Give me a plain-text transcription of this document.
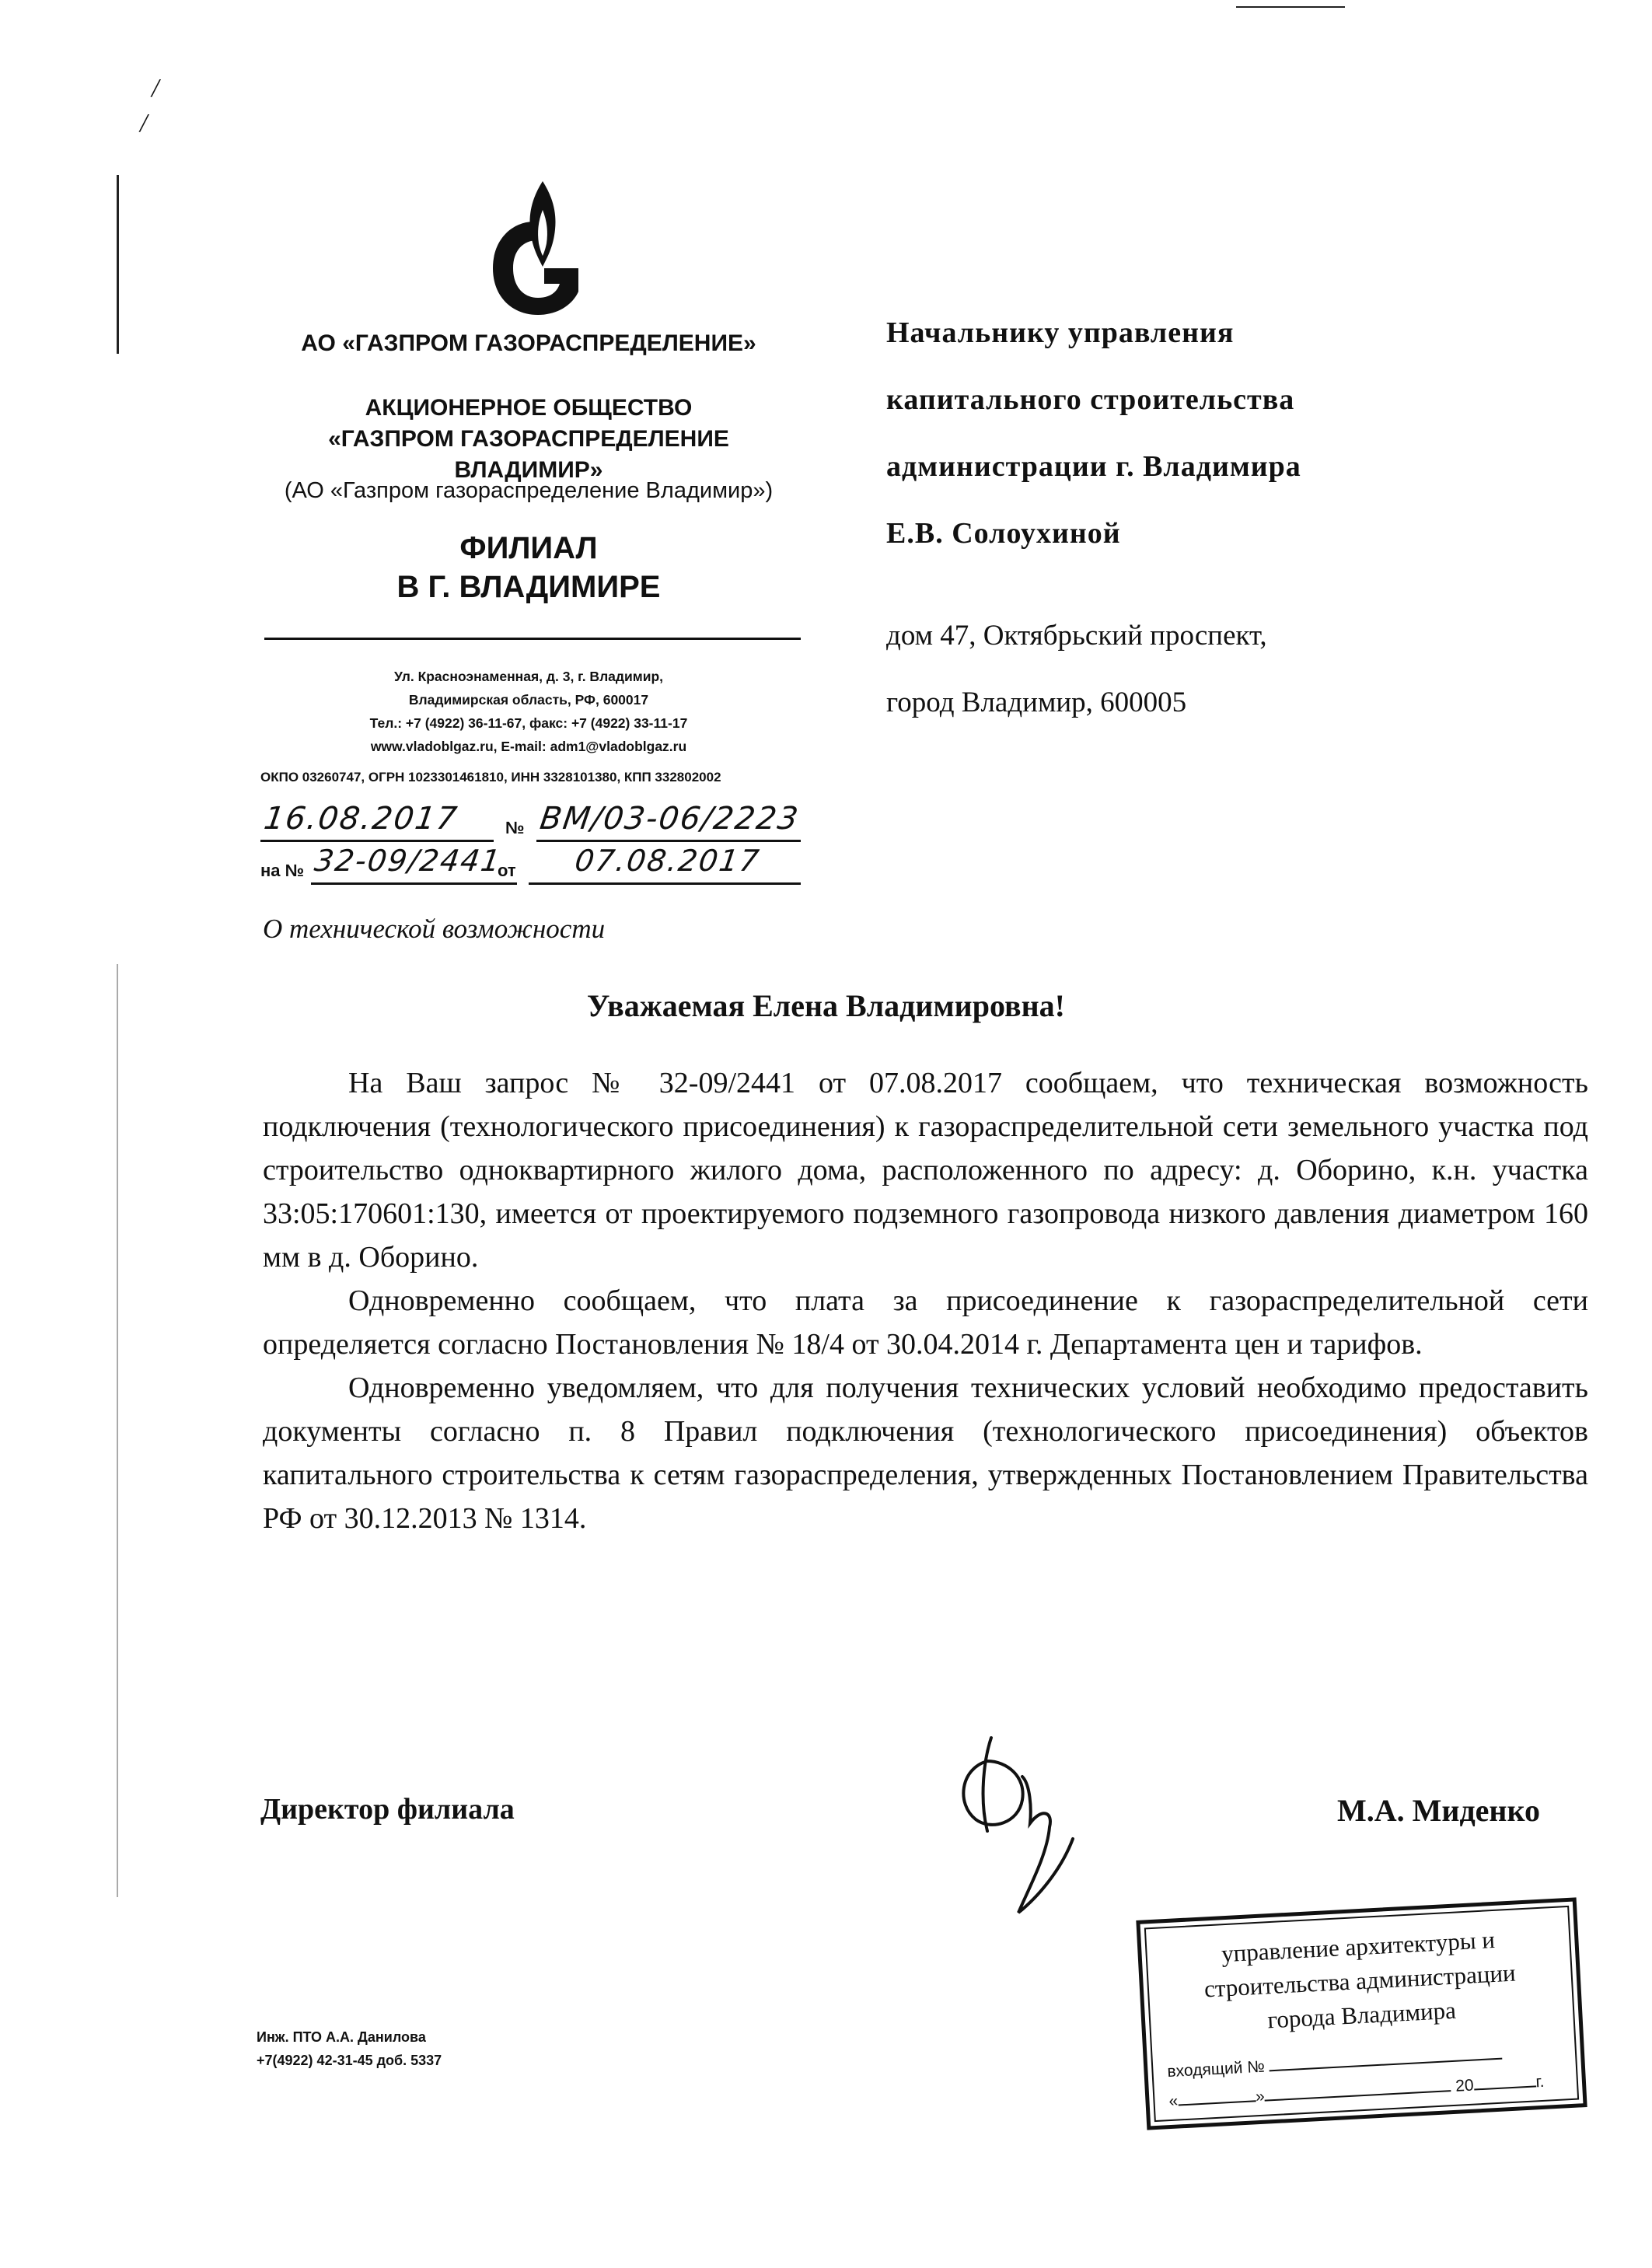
/
/
АО «ГАЗПРОМ ГАЗОРАСПРЕДЕЛЕНИЕ»
АКЦИОНЕРНОЕ ОБЩЕСТВО
«ГАЗПРОМ ГАЗОРАСПРЕДЕЛЕНИЕ ВЛАДИМИР»
(АО «Газпром газораспределение Владимир»)
ФИЛИАЛ
В Г. ВЛАДИМИРЕ
Ул. Красноэнаменная, д. 3, г. Владимир,
Владимирская область, РФ, 600017
Тел.: +7 (4922) 36-11-67, факс: +7 (4922) 33-11-17
www.vladoblgaz.ru, E-mail: adm1@vladoblgaz.ru
ОКПО 03260747, ОГРН 1023301461810, ИНН 3328101380, КПП 332802002
16.08.2017	№ ВМ/03-06/2223
на № 32-09/2441
от 07.08.2017
Начальнику управления
капитального строительства
администрации г. Владимира
Е.В. Солоухиной
дом 47, Октябрьский проспект,
город Владимир, 600005
О технической возможности
Уважаемая Елена Владимировна!

На Ваш запрос № 32-09/2441 от 07.08.2017 сообщаем, что техническая возможность подключения (технологического присоединения) к газораспределительной сети земельного участка под строительство одноквартирного жилого дома, расположенного по адресу: д. Оборино, к.н. участка 33:05:170601:130, имеется от проектируемого подземного газопровода низкого давления диаметром 160 мм в д. Оборино.

Одновременно сообщаем, что плата за присоединение к газораспределительной сети определяется согласно Постановления № 18/4 от 30.04.2014 г. Департамента цен и тарифов.

Одновременно уведомляем, что для получения технических условий необходимо предоставить документы согласно п. 8 Правил подключения (технологического присоединения) объектов капитального строительства к сетям газораспределения, утвержденных Постановлением Правительства РФ от 30.12.2013 № 1314.

Директор филиала	М.А. Миденко
управление архитектуры и
строительства администрации
города Владимира
входящий №
«	» 20	г.
Инж. ПТО А.А. Данилова
+7(4922) 42-31-45 доб. 5337
